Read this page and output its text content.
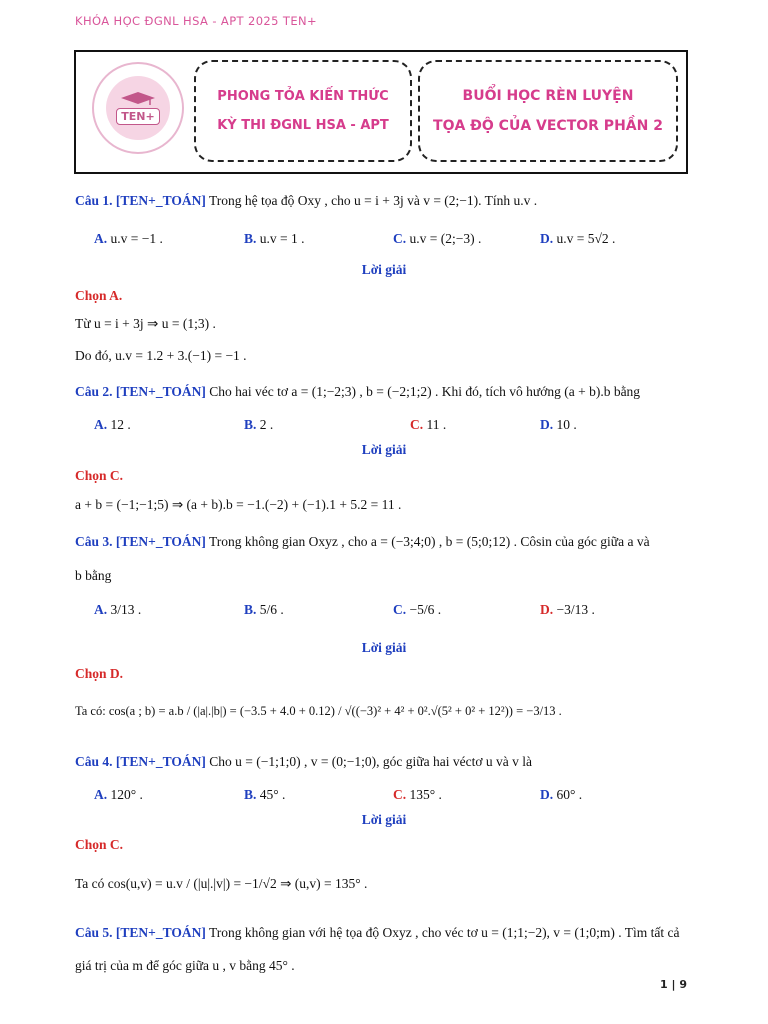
KHÓA HỌC ĐGNL HSA - APT 2025 TEN+
TEN+
PHONG TỎA KIẾN THỨC
KỲ THI ĐGNL HSA - APT
BUỔI HỌC RÈN LUYỆN
TỌA ĐỘ CỦA VECTOR PHẦN 2
Câu 1. [TEN+_TOÁN] Trong hệ tọa độ Oxy , cho u = i + 3j và v = (2;−1). Tính u.v .
A. u.v = −1 .	B. u.v = 1 .	C. u.v = (2;−3) .	D. u.v = 5√2 .
Lời giải
Chọn A.
Từ u = i + 3j ⇒ u = (1;3) .
Do đó, u.v = 1.2 + 3.(−1) = −1 .
Câu 2. [TEN+_TOÁN] Cho hai véc tơ a = (1;−2;3) , b = (−2;1;2) . Khi đó, tích vô hướng (a + b).b bằng
A. 12 .	B. 2 .	C. 11 .	D. 10 .
Lời giải
Chọn C.
a + b = (−1;−1;5) ⇒ (a + b).b = −1.(−2) + (−1).1 + 5.2 = 11 .
Câu 3. [TEN+_TOÁN] Trong không gian Oxyz , cho a = (−3;4;0) , b = (5;0;12) . Côsin của góc giữa a và
b bằng
A. 3/13 .	B. 5/6 .	C. −5/6 .	D. −3/13 .
Lời giải
Chọn D.
Ta có: cos(a ; b) = a.b / (|a|.|b|) = (−3.5 + 4.0 + 0.12) / √((−3)² + 4² + 0².√(5² + 0² + 12²)) = −3/13 .
Câu 4. [TEN+_TOÁN] Cho u = (−1;1;0) , v = (0;−1;0), góc giữa hai véctơ u và v là
A. 120° .	B. 45° .	C. 135° .	D. 60° .
Lời giải
Chọn C.
Ta có cos(u,v) = u.v / (|u|.|v|) = −1/√2 ⇒ (u,v) = 135° .
Câu 5. [TEN+_TOÁN] Trong không gian với hệ tọa độ Oxyz , cho véc tơ u = (1;1;−2), v = (1;0;m) . Tìm tất cả
giá trị của m để góc giữa u , v bằng 45° .
1 | 9
